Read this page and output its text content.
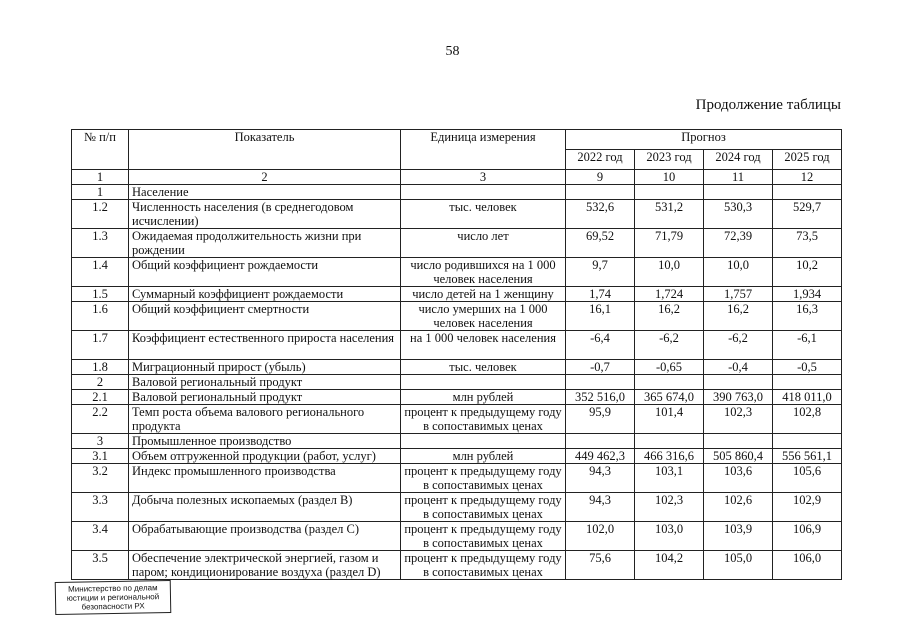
58
Продолжение таблицы
№ п/п	Показатель	Единица измерения	Прогноз			
			2022 год	2023 год	2024 год	2025 год
1	2	3	9	10	11	12
1	Население					
1.2	Численность населения (в среднегодовом исчислении)	тыс. человек	532,6	531,2	530,3	529,7
1.3	Ожидаемая продолжительность жизни при рождении	число лет	69,52	71,79	72,39	73,5
1.4	Общий коэффициент рождаемости	число родившихся на 1 000 человек населения	9,7	10,0	10,0	10,2
1.5	Суммарный коэффициент рождаемости	число детей на 1 женщину	1,74	1,724	1,757	1,934
1.6	Общий коэффициент смертности	число умерших на 1 000 человек населения	16,1	16,2	16,2	16,3
1.7	Коэффициент естественного прироста населения	на 1 000 человек населения	-6,4	-6,2	-6,2	-6,1
1.8	Миграционный прирост (убыль)	тыс. человек	-0,7	-0,65	-0,4	-0,5
2	Валовой региональный продукт					
2.1	Валовой региональный продукт	млн рублей	352 516,0	365 674,0	390 763,0	418 011,0
2.2	Темп роста объема валового регионального продукта	процент к предыдущему году в сопоставимых ценах	95,9	101,4	102,3	102,8
3	Промышленное производство					
3.1	Объем отгруженной продукции (работ, услуг)	млн рублей	449 462,3	466 316,6	505 860,4	556 561,1
3.2	Индекс промышленного производства	процент к предыдущему году в сопоставимых ценах	94,3	103,1	103,6	105,6
3.3	Добыча полезных ископаемых (раздел B)	процент к предыдущему году в сопоставимых ценах	94,3	102,3	102,6	102,9
3.4	Обрабатывающие производства (раздел C)	процент к предыдущему году в сопоставимых ценах	102,0	103,0	103,9	106,9
3.5	Обеспечение электрической энергией, газом и паром; кондиционирование воздуха (раздел D)	процент к предыдущему году в сопоставимых ценах	75,6	104,2	105,0	106,0
Министерство по делам
юстиции и региональной
безопасности РХ
